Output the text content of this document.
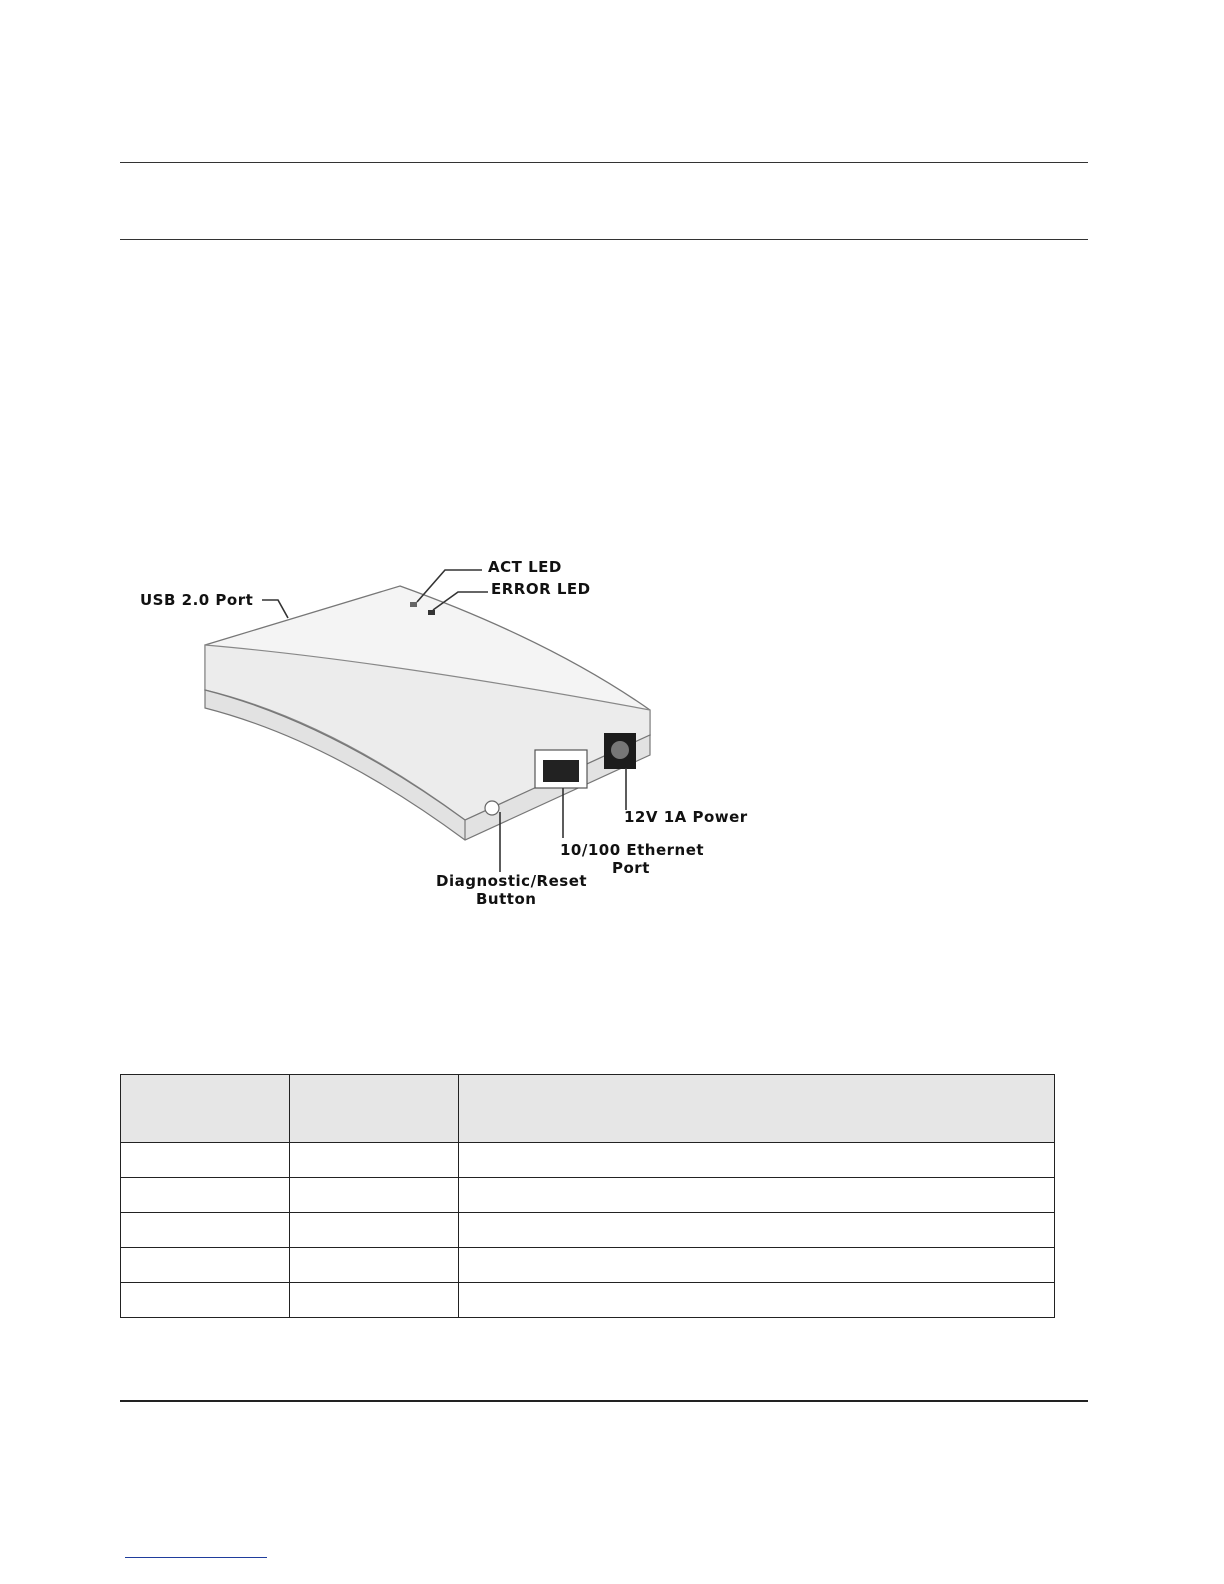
USB 2.0 Port
ACT LED
ERROR LED
12V 1A Power
10/100 Ethernet
Port
Diagnostic/Reset
Button
